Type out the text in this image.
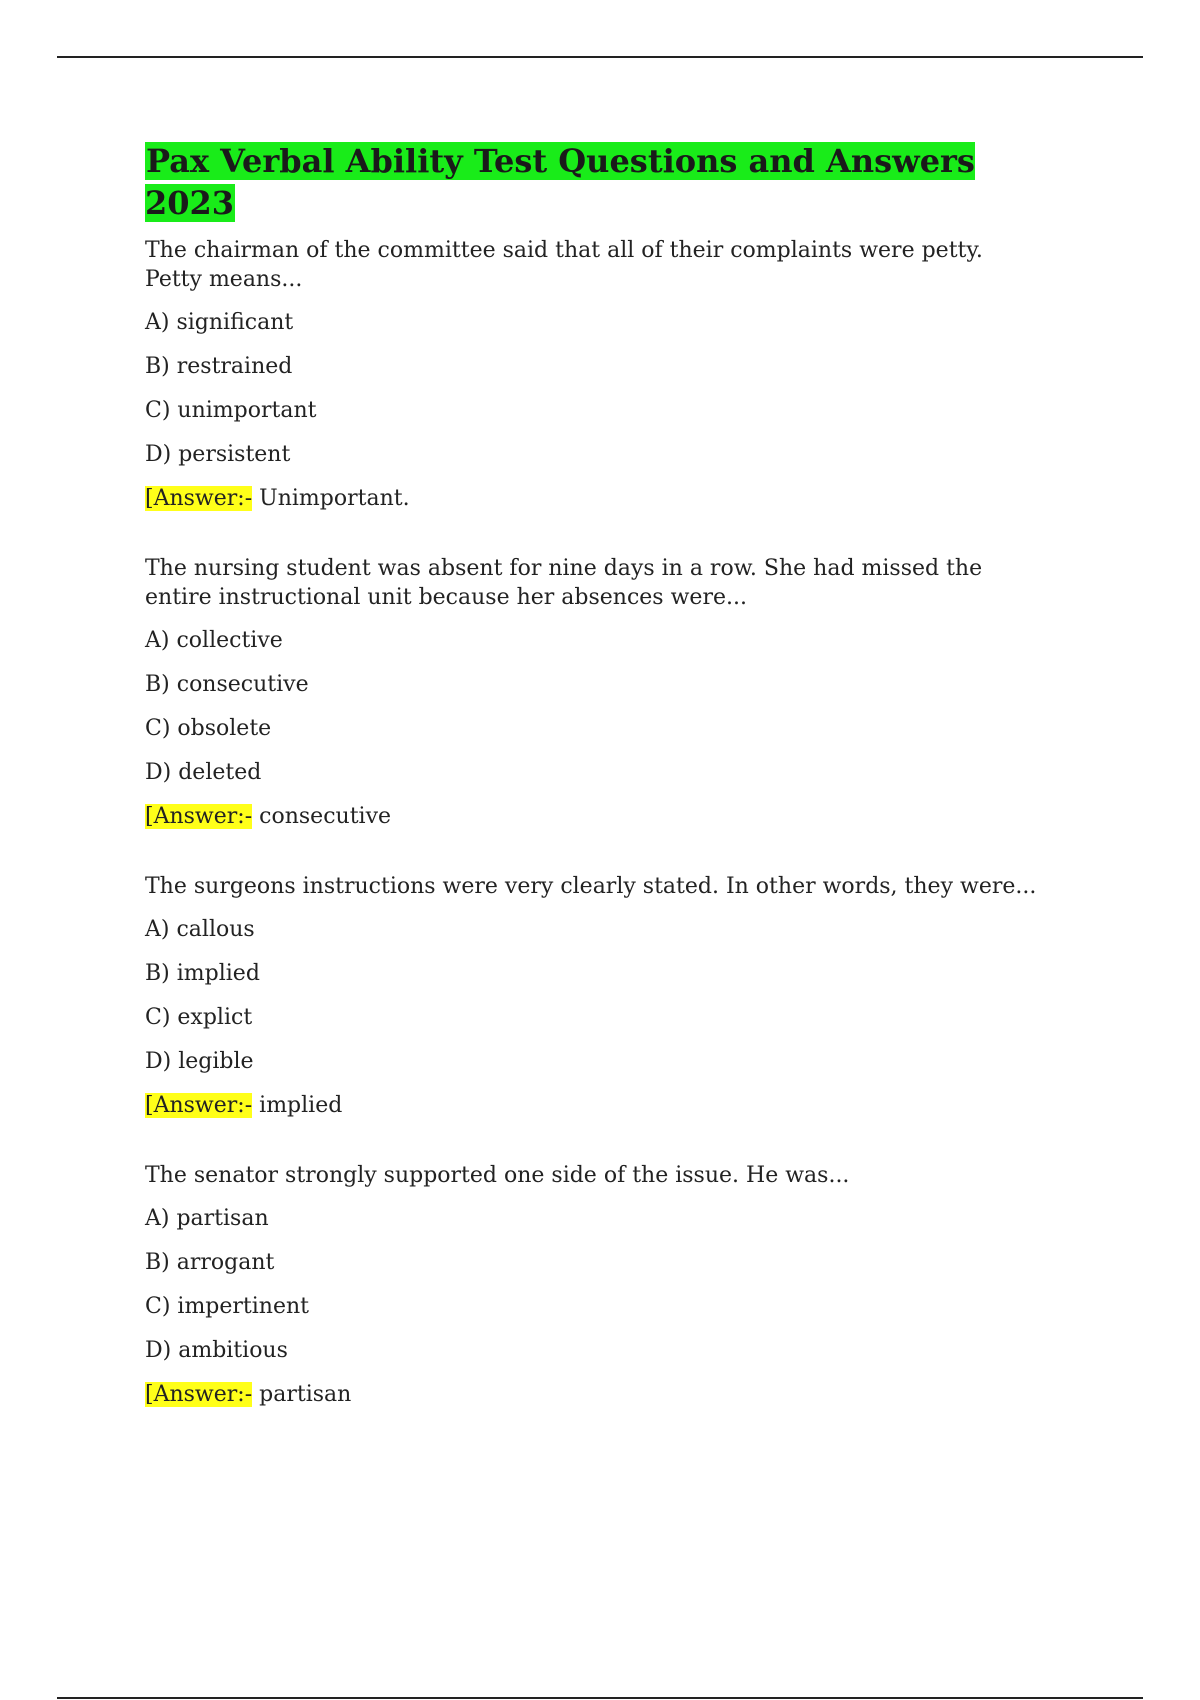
Pax Verbal Ability Test Questions and Answers 2023

The chairman of the committee said that all of their complaints were petty. Petty means...

A) significant

B) restrained

C) unimportant

D) persistent

[Answer:- Unimportant.

The nursing student was absent for nine days in a row. She had missed the entire instructional unit because her absences were...

A) collective

B) consecutive

C) obsolete

D) deleted

[Answer:- consecutive

The surgeons instructions were very clearly stated. In other words, they were...

A) callous

B) implied

C) explict

D) legible

[Answer:- implied

The senator strongly supported one side of the issue. He was...

A) partisan

B) arrogant

C) impertinent

D) ambitious

[Answer:- partisan
